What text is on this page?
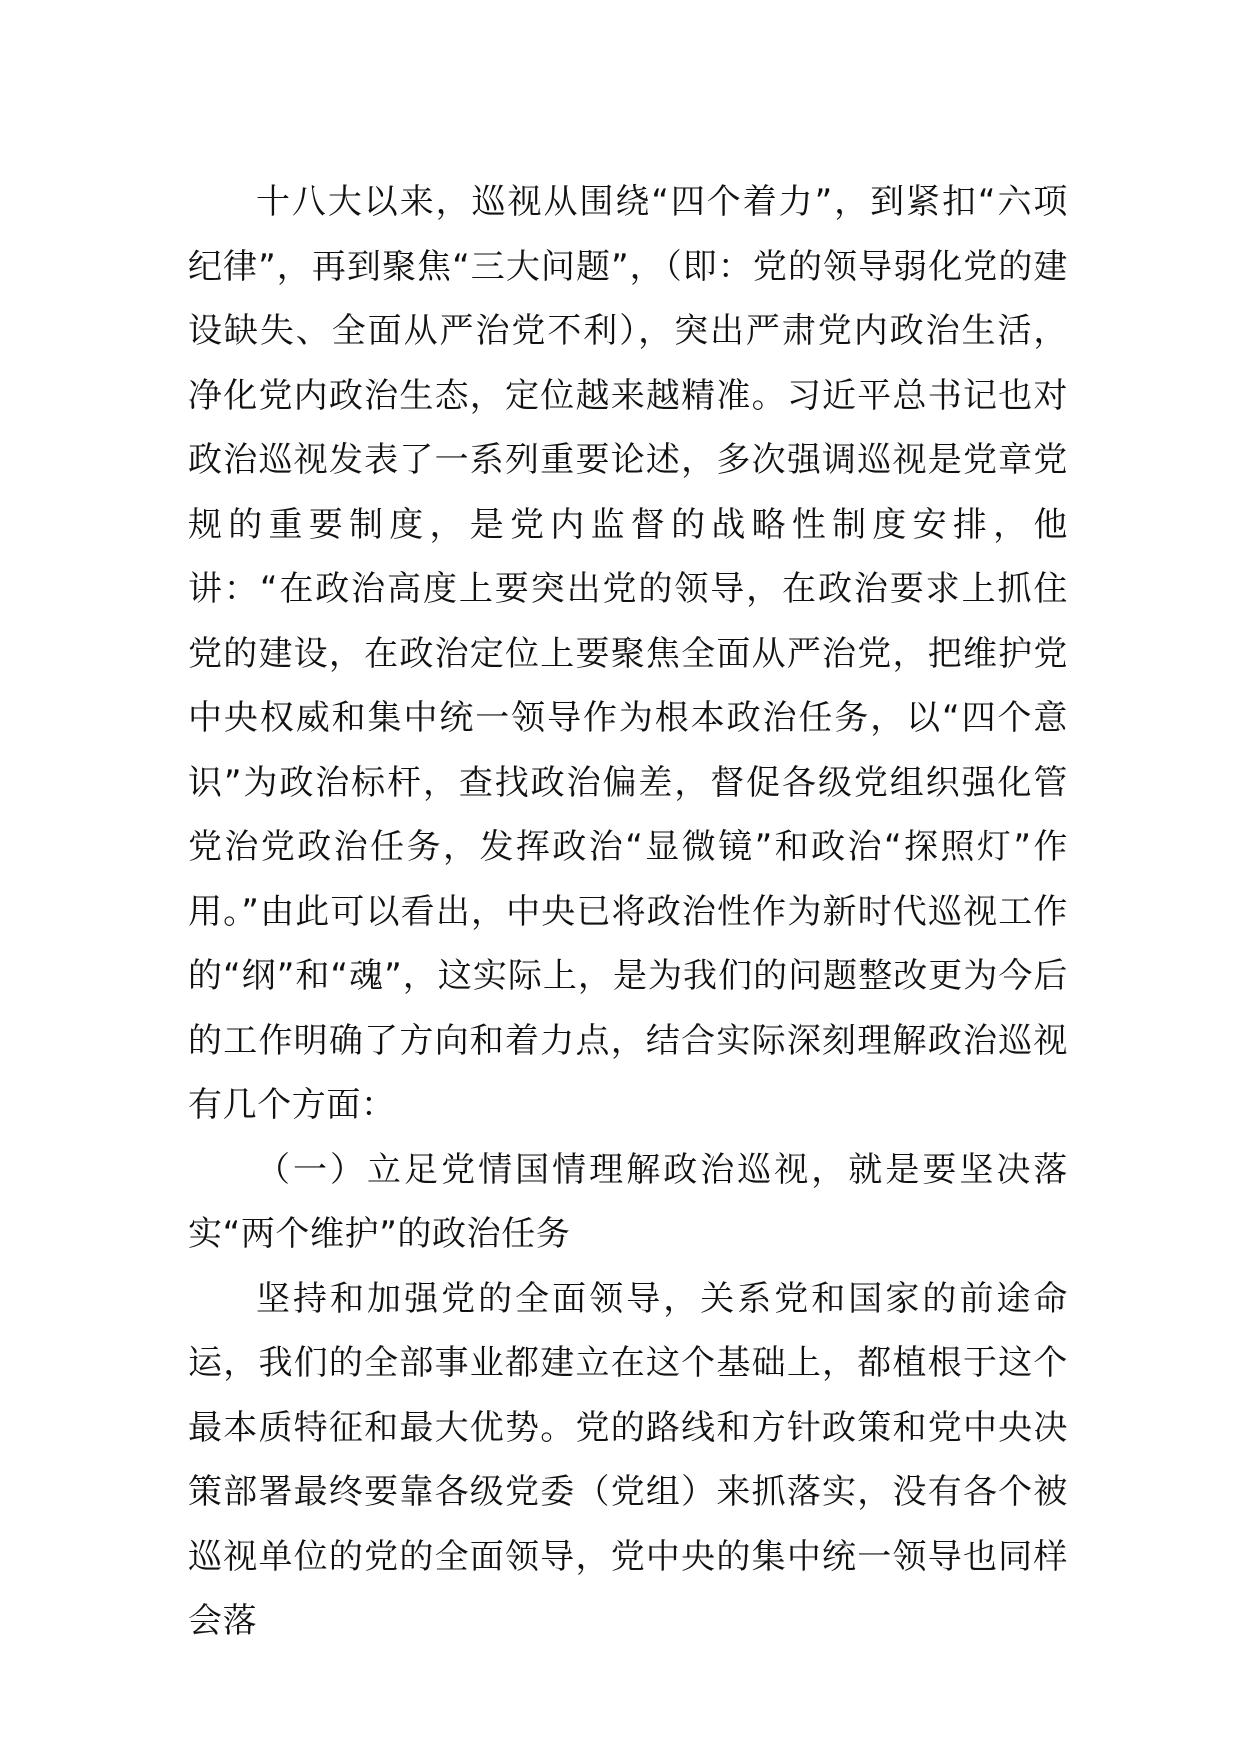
十八大以来，巡视从围绕“四个着力”，到紧扣“六项纪律”，再到聚焦“三大问题”，（即：党的领导弱化党的建设缺失、全面从严治党不利），突出严肃党内政治生活，净化党内政治生态，定位越来越精准。习近平总书记也对政治巡视发表了一系列重要论述，多次强调巡视是党章党规的重要制度，是党内监督的战略性制度安排，他讲：“在政治高度上要突出党的领导，在政治要求上抓住党的建设，在政治定位上要聚焦全面从严治党，把维护党中央权威和集中统一领导作为根本政治任务，以“四个意识”为政治标杆，查找政治偏差，督促各级党组织强化管党治党政治任务，发挥政治“显微镜”和政治“探照灯”作用。”由此可以看出，中央已将政治性作为新时代巡视工作的“纲”和“魂”，这实际上，是为我们的问题整改更为今后的工作明确了方向和着力点，结合实际深刻理解政治巡视有几个方面：

（一）立足党情国情理解政治巡视，就是要坚决落实“两个维护”的政治任务

坚持和加强党的全面领导，关系党和国家的前途命运，我们的全部事业都建立在这个基础上，都植根于这个最本质特征和最大优势。党的路线和方针政策和党中央决策部署最终要靠各级党委（党组）来抓落实，没有各个被巡视单位的党的全面领导，党中央的集中统一领导也同样会落
